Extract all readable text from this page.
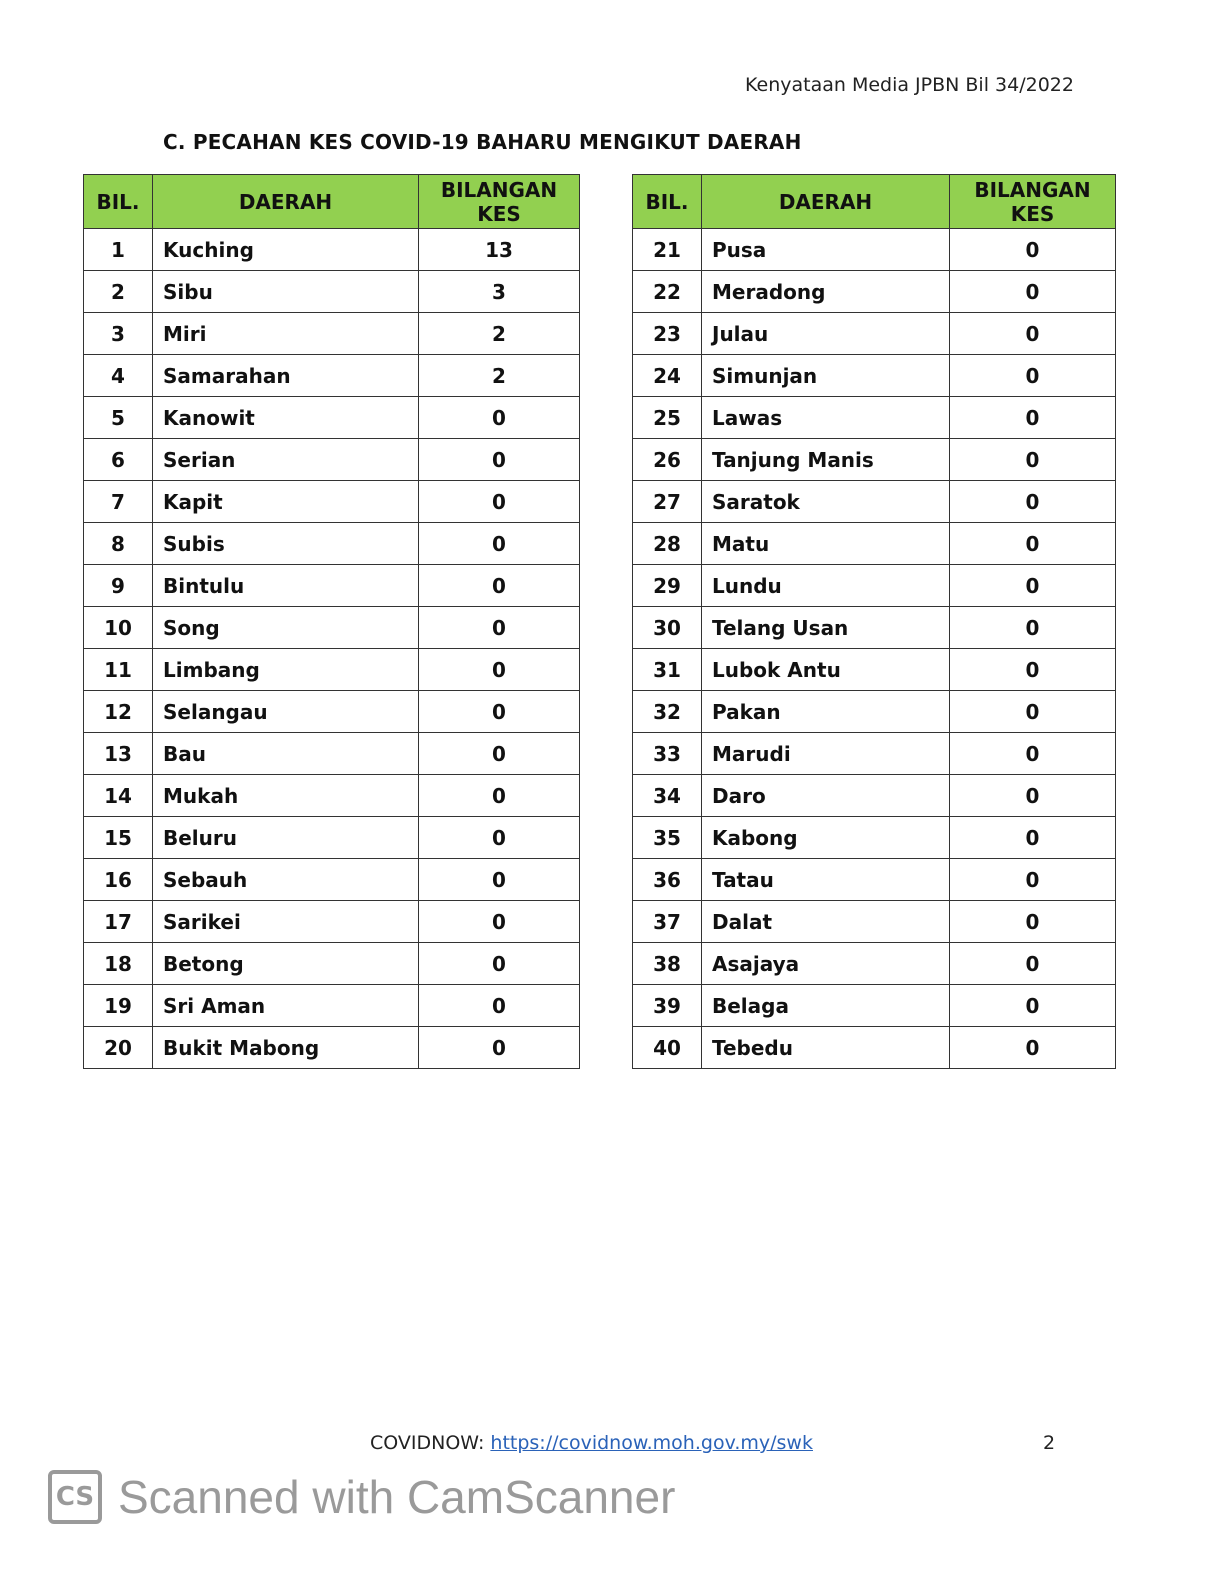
Kenyataan Media JPBN Bil 34/2022
C. PECAHAN KES COVID-19 BAHARU MENGIKUT DAERAH
BIL.	DAERAH	BILANGAN KES
1	Kuching	13
2	Sibu	3
3	Miri	2
4	Samarahan	2
5	Kanowit	0
6	Serian	0
7	Kapit	0
8	Subis	0
9	Bintulu	0
10	Song	0
11	Limbang	0
12	Selangau	0
13	Bau	0
14	Mukah	0
15	Beluru	0
16	Sebauh	0
17	Sarikei	0
18	Betong	0
19	Sri Aman	0
20	Bukit Mabong	0
BIL.	DAERAH	BILANGAN KES
21	Pusa	0
22	Meradong	0
23	Julau	0
24	Simunjan	0
25	Lawas	0
26	Tanjung Manis	0
27	Saratok	0
28	Matu	0
29	Lundu	0
30	Telang Usan	0
31	Lubok Antu	0
32	Pakan	0
33	Marudi	0
34	Daro	0
35	Kabong	0
36	Tatau	0
37	Dalat	0
38	Asajaya	0
39	Belaga	0
40	Tebedu	0
COVIDNOW: https://covidnow.moh.gov.my/swk	2
CS Scanned with CamScanner
